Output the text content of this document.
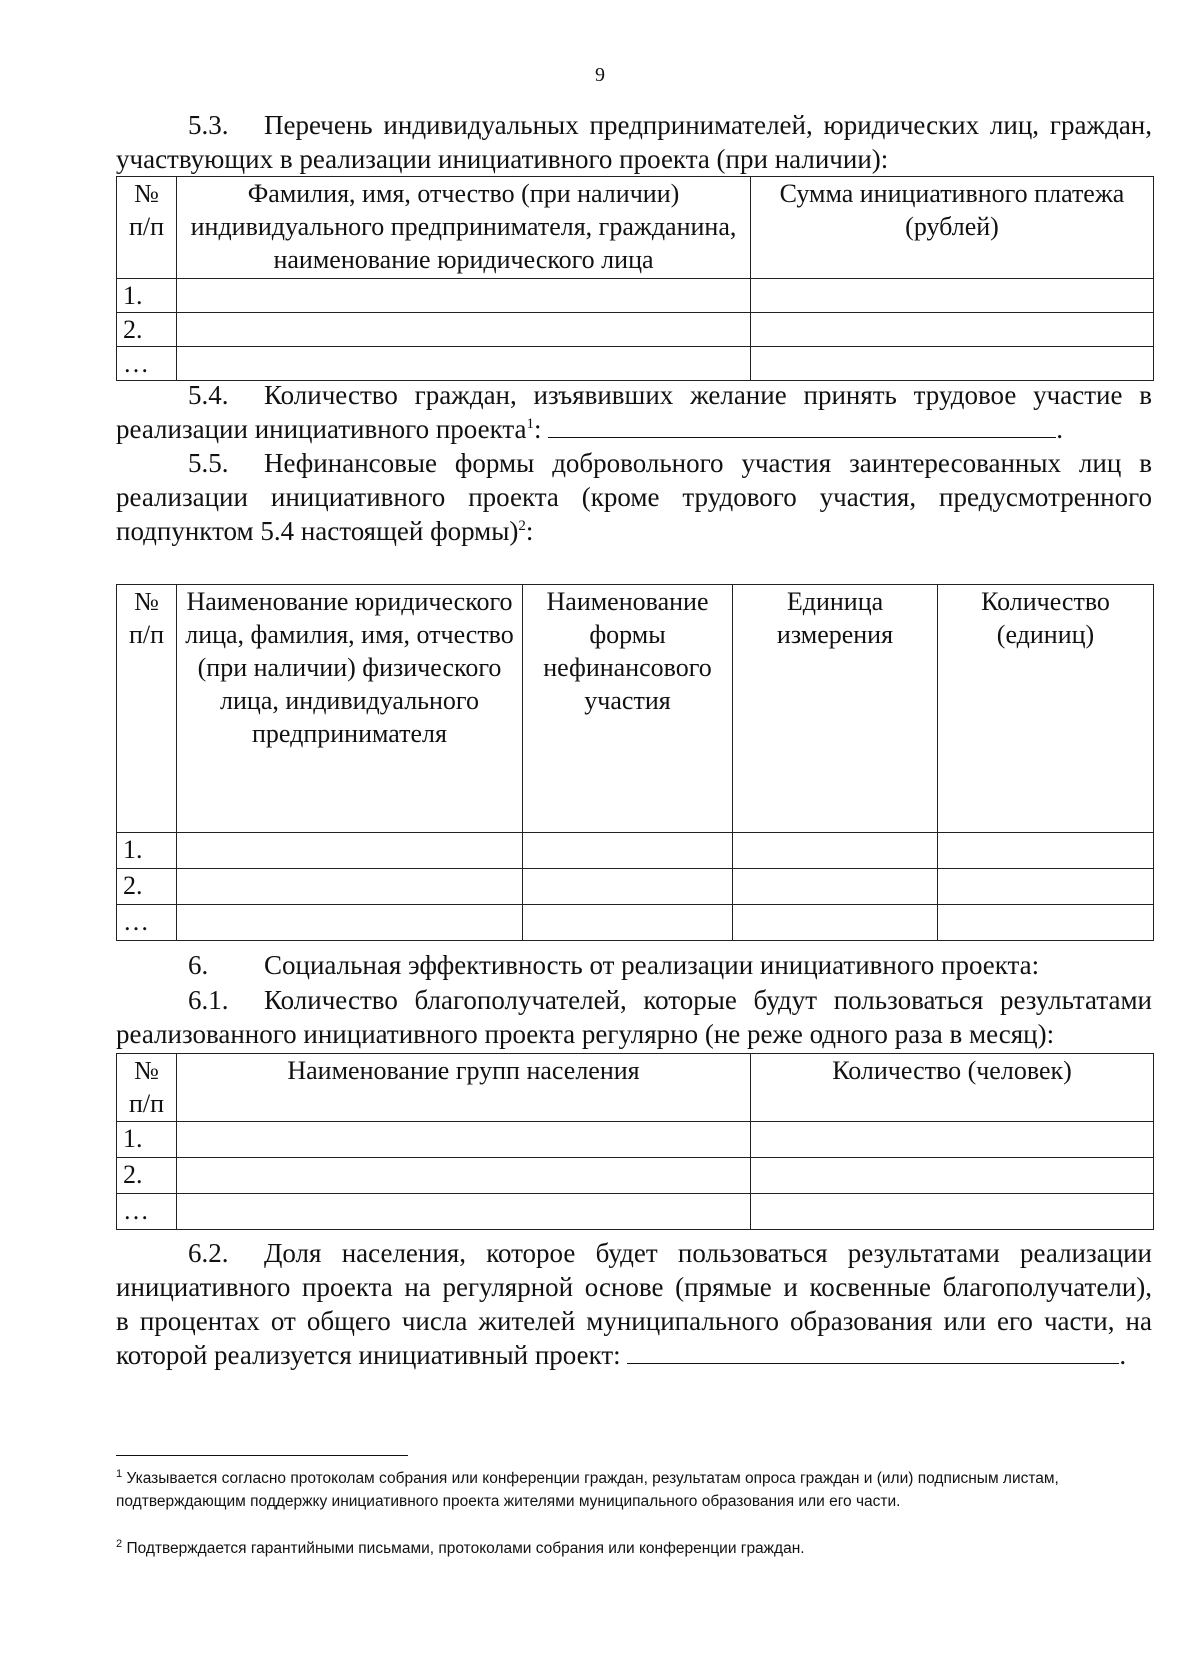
9
5.3. Перечень индивидуальных предпринимателей, юридических лиц, граждан,
участвующих в реализации инициативного проекта (при наличии):
№ п/п	Фамилия, имя, отчество (при наличии) индивидуального предпринимателя, гражданина, наименование юридического лица	Сумма инициативного платежа (рублей)
1.		
2.		
…		
5.4. Количество граждан, изъявивших желание принять трудовое участие в
реализации инициативного проекта$^1$:	.
5.5. Нефинансовые формы добровольного участия заинтересованных лиц в
реализации инициативного проекта (кроме трудового участия, предусмотренного
подпунктом 5.4 настоящей формы)$^2$:
№ п/п	Наименование юридического лица, фамилия, имя, отчество (при наличии) физического лица, индивидуального предпринимателя	Наименование формы нефинансового участия	Единица измерения	Количество (единиц)
1.				
2.				
…				
6. Социальная эффективность от реализации инициативного проекта:
6.1. Количество благополучателей, которые будут пользоваться результатами
реализованного инициативного проекта регулярно (не реже одного раза в месяц):
№ п/п	Наименование групп населения	Количество (человек)
1.		
2.		
…		
6.2. Доля населения, которое будет пользоваться результатами реализации
инициативного проекта на регулярной основе (прямые и косвенные благополучатели),
в процентах от общего числа жителей муниципального образования или его части, на
которой реализуется инициативный проект:	.
$^1$ Указывается согласно протоколам собрания или конференции граждан, результатам опроса граждан и (или) подписным листам, подтверждающим поддержку инициативного проекта жителями муниципального образования или его части.
$^2$ Подтверждается гарантийными письмами, протоколами собрания или конференции граждан.
